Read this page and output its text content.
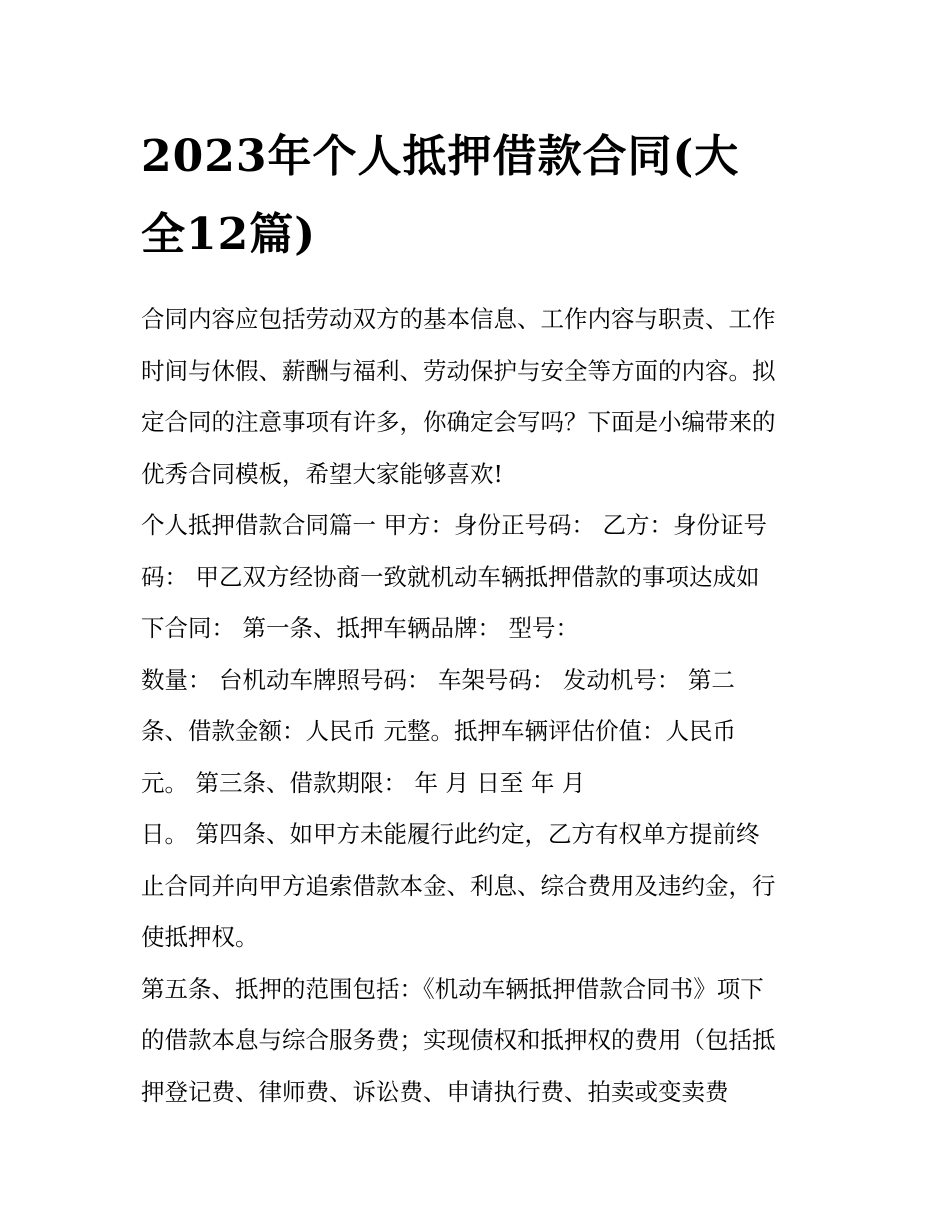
2023年个人抵押借款合同(大
全12篇)

合同内容应包括劳动双方的基本信息、工作内容与职责、工作
时间与休假、薪酬与福利、劳动保护与安全等方面的内容。拟
定合同的注意事项有许多，你确定会写吗？下面是小编带来的
优秀合同模板，希望大家能够喜欢!

个人抵押借款合同篇一 甲方：身份正号码： 乙方：身份证号
码： 甲乙双方经协商一致就机动车辆抵押借款的事项达成如
下合同： 第一条、抵押车辆品牌： 型号：

数量： 台机动车牌照号码： 车架号码： 发动机号： 第二
条、借款金额：人民币 元整。抵押车辆评估价值：人民币
元。 第三条、借款期限： 年 月 日至 年 月

日。 第四条、如甲方未能履行此约定，乙方有权单方提前终
止合同并向甲方追索借款本金、利息、综合费用及违约金，行
使抵押权。

第五条、抵押的范围包括：《机动车辆抵押借款合同书》项下
的借款本息与综合服务费；实现债权和抵押权的费用（包括抵
押登记费、律师费、诉讼费、申请执行费、拍卖或变卖费
